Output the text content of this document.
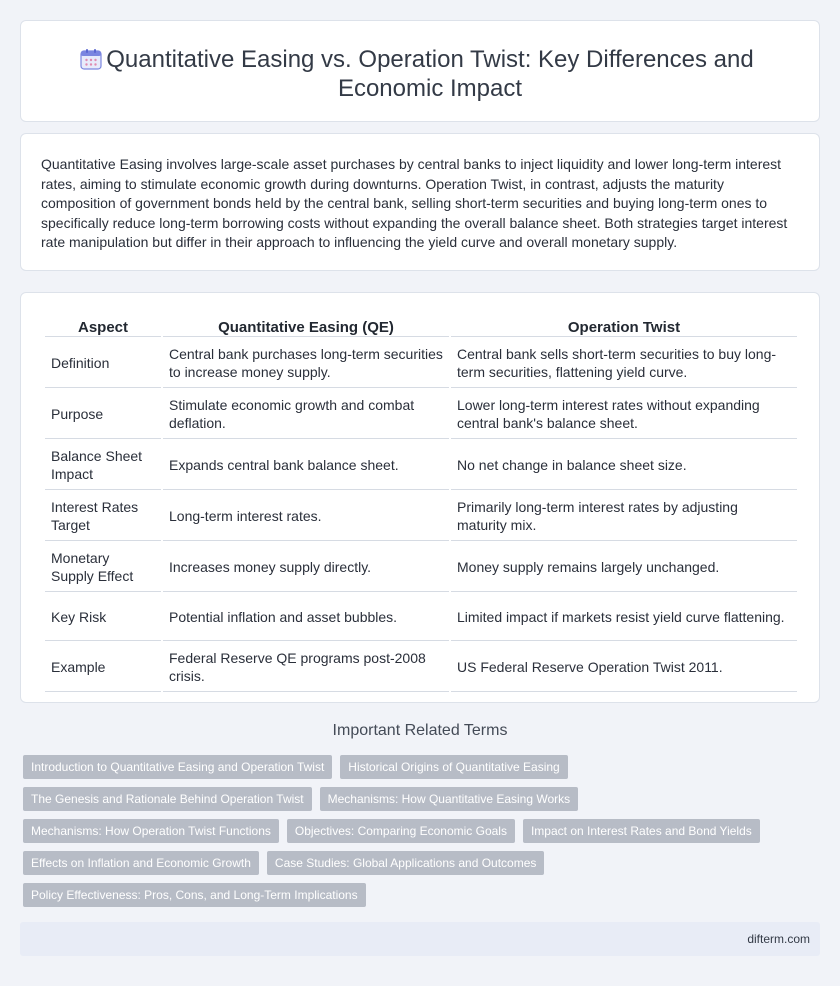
Quantitative Easing vs. Operation Twist: Key Differences and Economic Impact

Quantitative Easing involves large-scale asset purchases by central banks to inject liquidity and lower long-term interest rates, aiming to stimulate economic growth during downturns. Operation Twist, in contrast, adjusts the maturity composition of government bonds held by the central bank, selling short-term securities and buying long-term ones to specifically reduce long-term borrowing costs without expanding the overall balance sheet. Both strategies target interest rate manipulation but differ in their approach to influencing the yield curve and overall monetary supply.

Aspect	Quantitative Easing (QE)	Operation Twist
Definition	Central bank purchases long-term securities to increase money supply.	Central bank sells short-term securities to buy long-term securities, flattening yield curve.
Purpose	Stimulate economic growth and combat deflation.	Lower long-term interest rates without expanding central bank's balance sheet.
Balance Sheet Impact	Expands central bank balance sheet.	No net change in balance sheet size.
Interest Rates Target	Long-term interest rates.	Primarily long-term interest rates by adjusting maturity mix.
Monetary Supply Effect	Increases money supply directly.	Money supply remains largely unchanged.
Key Risk	Potential inflation and asset bubbles.	Limited impact if markets resist yield curve flattening.
Example	Federal Reserve QE programs post-2008 crisis.	US Federal Reserve Operation Twist 2011.
Important Related Terms
Introduction to Quantitative Easing and Operation Twist	Historical Origins of Quantitative Easing
The Genesis and Rationale Behind Operation Twist	Mechanisms: How Quantitative Easing Works
Mechanisms: How Operation Twist Functions	Objectives: Comparing Economic Goals	Impact on Interest Rates and Bond Yields
Effects on Inflation and Economic Growth	Case Studies: Global Applications and Outcomes
Policy Effectiveness: Pros, Cons, and Long-Term Implications
difterm.com
